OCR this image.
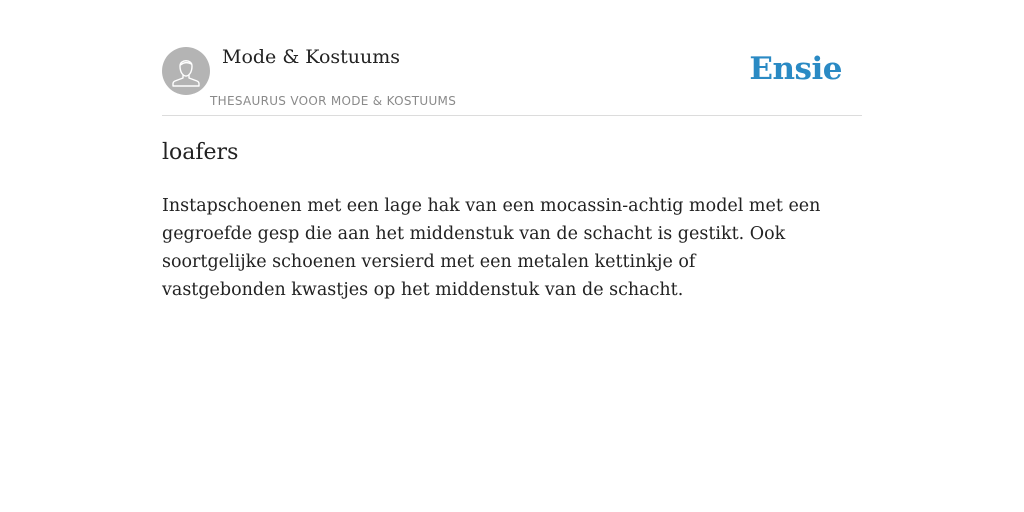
Mode & Kostuums
THESAURUS VOOR MODE & KOSTUUMS
Ensie
loafers

Instapschoenen met een lage hak van een mocassin-achtig model met een gegroefde gesp die aan het middenstuk van de schacht is gestikt. Ook soortgelijke schoenen versierd met een metalen kettinkje of vastgebonden kwastjes op het middenstuk van de schacht.
